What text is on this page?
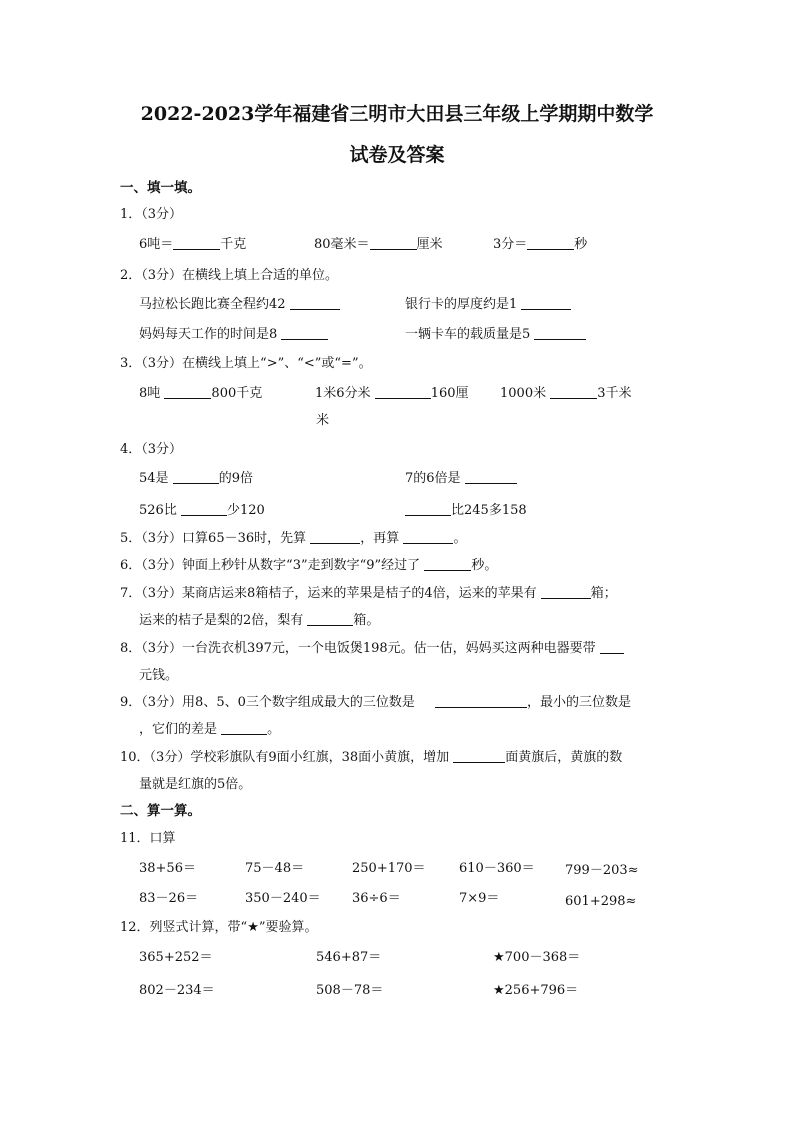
2022-2023学年福建省三明市大田县三年级上学期期中数学
试卷及答案
一、填一填。
1．（3分）
6吨＝	千克	80毫米＝	厘米	3分＝	秒
2．（3分）在横线上填上合适的单位。
马拉松长跑比赛全程约42	银行卡的厚度约是1
妈妈每天工作的时间是8	一辆卡车的载质量是5
3．（3分）在横线上填上“>”、“<”或“=”。
8吨	800千克	1米6分米	160厘
米
1000米	3千米
4．（3分）
54是	的9倍	7的6倍是
526比	少120	比245多158
5．（3分）口算65－36时，先算	，再算	。
6．（3分）钟面上秒针从数字“3”走到数字“9”经过了	秒。
7．（3分）某商店运来8箱桔子，运来的苹果是桔子的4倍，运来的苹果有	箱；
运来的桔子是梨的2倍，梨有	箱。
8．（3分）一台洗衣机397元，一个电饭煲198元。估一估，妈妈买这两种电器要带
元钱。
9．（3分）用8、5、0三个数字组成最大的三位数是	，最小的三位数是
，它们的差是	。
10．（3分）学校彩旗队有9面小红旗，38面小黄旗，增加	面黄旗后，黄旗的数
量就是红旗的5倍。
二、算一算。
11．口算
38+56＝	75－48＝	250+170＝	610－360＝ 799－203≈
83－26＝	350－240＝ 36÷6＝	7×9＝	601+298≈
12．列竖式计算，带“★”要验算。
365+252＝	546+87＝	★700－368＝
802－234＝	508－78＝	★256+796＝
